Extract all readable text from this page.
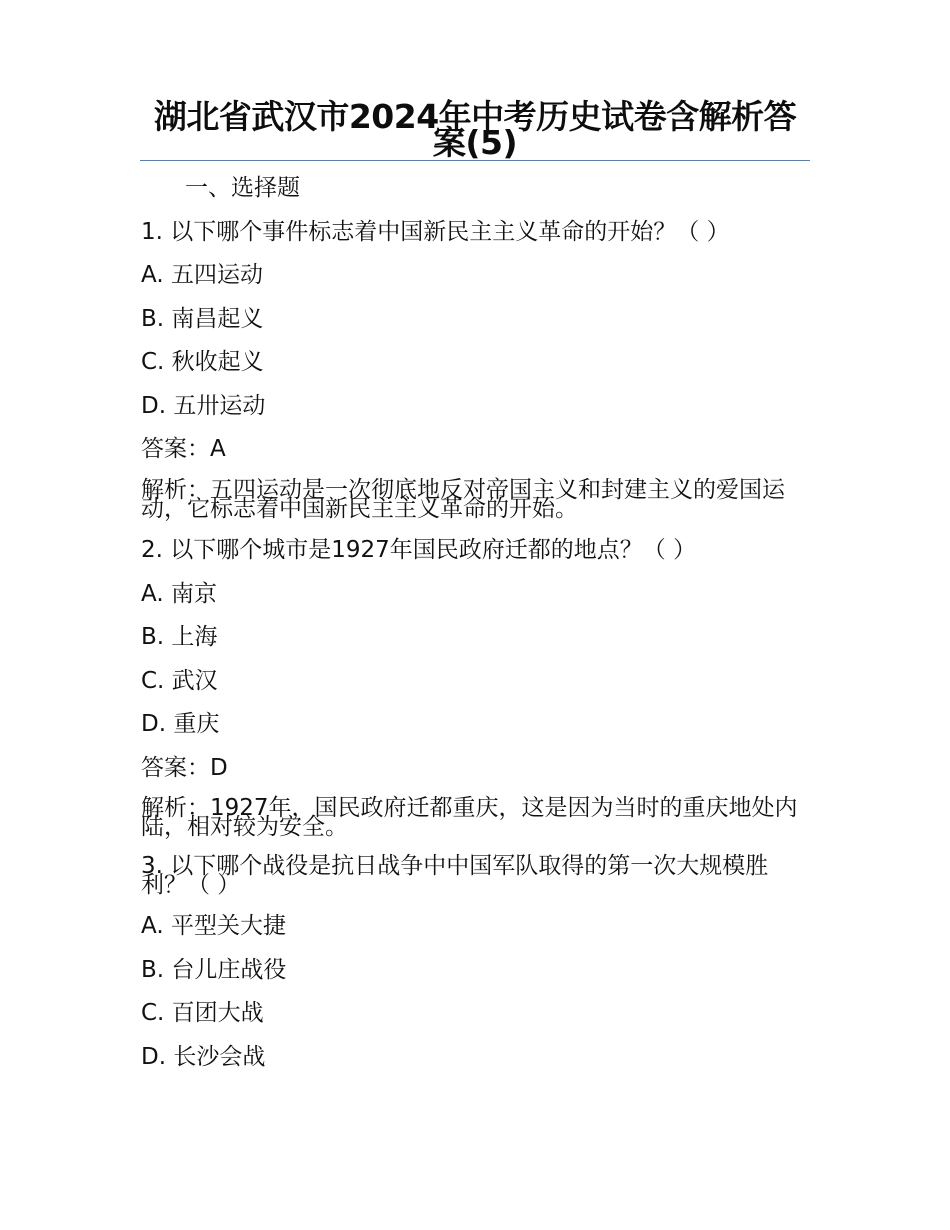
湖北省武汉市2024年中考历史试卷含解析答案(5)
一、选择题
1. 以下哪个事件标志着中国新民主主义革命的开始？（ ）
A. 五四运动
B. 南昌起义
C. 秋收起义
D. 五卅运动
答案：A
解析：五四运动是一次彻底地反对帝国主义和封建主义的爱国运动，它标志着中国新民主主义革命的开始。
2. 以下哪个城市是1927年国民政府迁都的地点？（ ）
A. 南京
B. 上海
C. 武汉
D. 重庆
答案：D
解析：1927年，国民政府迁都重庆，这是因为当时的重庆地处内陆，相对较为安全。
3. 以下哪个战役是抗日战争中中国军队取得的第一次大规模胜利？（ ）
A. 平型关大捷
B. 台儿庄战役
C. 百团大战
D. 长沙会战
